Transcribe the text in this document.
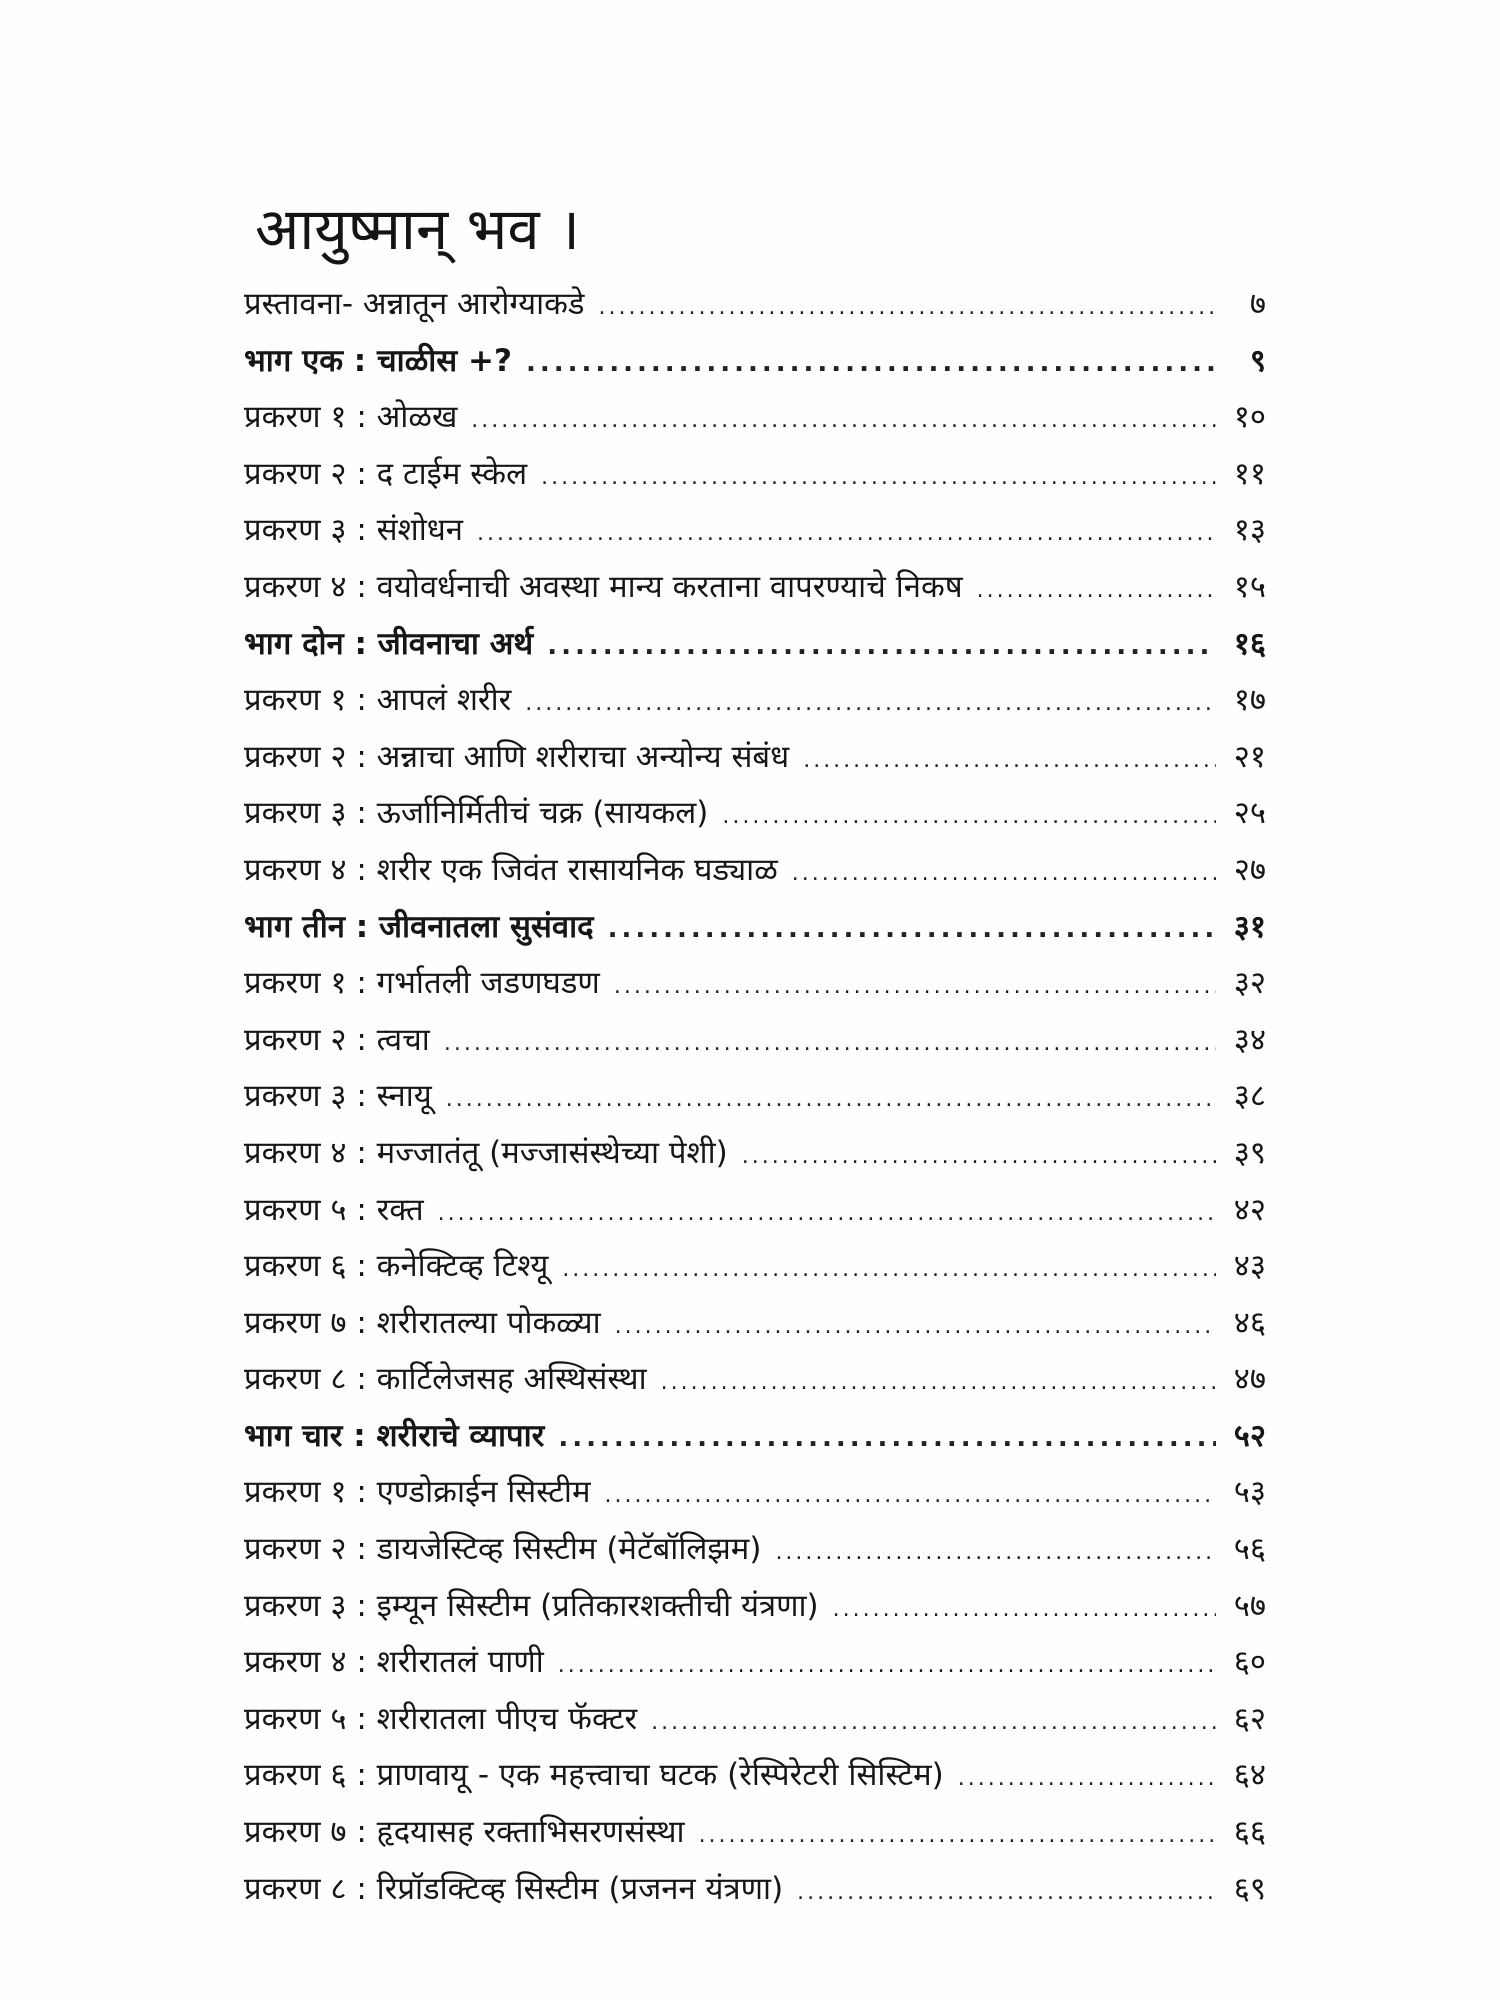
आयुष्मान् भव ।
प्रस्तावना- अन्नातून आरोग्याकडे .....	७
भाग एक : चाळीस +? .....	९
प्रकरण १ : ओळख .....	१०
प्रकरण २ : द टाईम स्केल .....	११
प्रकरण ३ : संशोधन .....	१३
प्रकरण ४ : वयोवर्धनाची अवस्था मान्य करताना वापरण्याचे निकष .....	१५
भाग दोन : जीवनाचा अर्थ .....	१६
प्रकरण १ : आपलं शरीर .....	१७
प्रकरण २ : अन्नाचा आणि शरीराचा अन्योन्य संबंध .....	२१
प्रकरण ३ : ऊर्जानिर्मितीचं चक्र (सायकल) .....	२५
प्रकरण ४ : शरीर एक जिवंत रासायनिक घड्याळ .....	२७
भाग तीन : जीवनातला सुसंवाद .....	३१
प्रकरण १ : गर्भातली जडणघडण .....	३२
प्रकरण २ : त्वचा .....	३४
प्रकरण ३ : स्नायू .....	३८
प्रकरण ४ : मज्जातंतू (मज्जासंस्थेच्या पेशी) .....	३९
प्रकरण ५ : रक्त .....	४२
प्रकरण ६ : कनेक्टिव्ह टिश्यू .....	४३
प्रकरण ७ : शरीरातल्या पोकळ्या .....	४६
प्रकरण ८ : कार्टिलेजसह अस्थिसंस्था .....	४७
भाग चार : शरीराचे व्यापार .....	५२
प्रकरण १ : एण्डोक्राईन सिस्टीम .....	५३
प्रकरण २ : डायजेस्टिव्ह सिस्टीम (मेटॅबॉलिझम) .....	५६
प्रकरण ३ : इम्यून सिस्टीम (प्रतिकारशक्तीची यंत्रणा) .....	५७
प्रकरण ४ : शरीरातलं पाणी .....	६०
प्रकरण ५ : शरीरातला पीएच फॅक्टर .....	६२
प्रकरण ६ : प्राणवायू - एक महत्त्वाचा घटक (रेस्पिरेटरी सिस्टिम) .....	६४
प्रकरण ७ : हृदयासह रक्ताभिसरणसंस्था .....	६६
प्रकरण ८ : रिप्रॉडक्टिव्ह सिस्टीम (प्रजनन यंत्रणा) .....	६९
